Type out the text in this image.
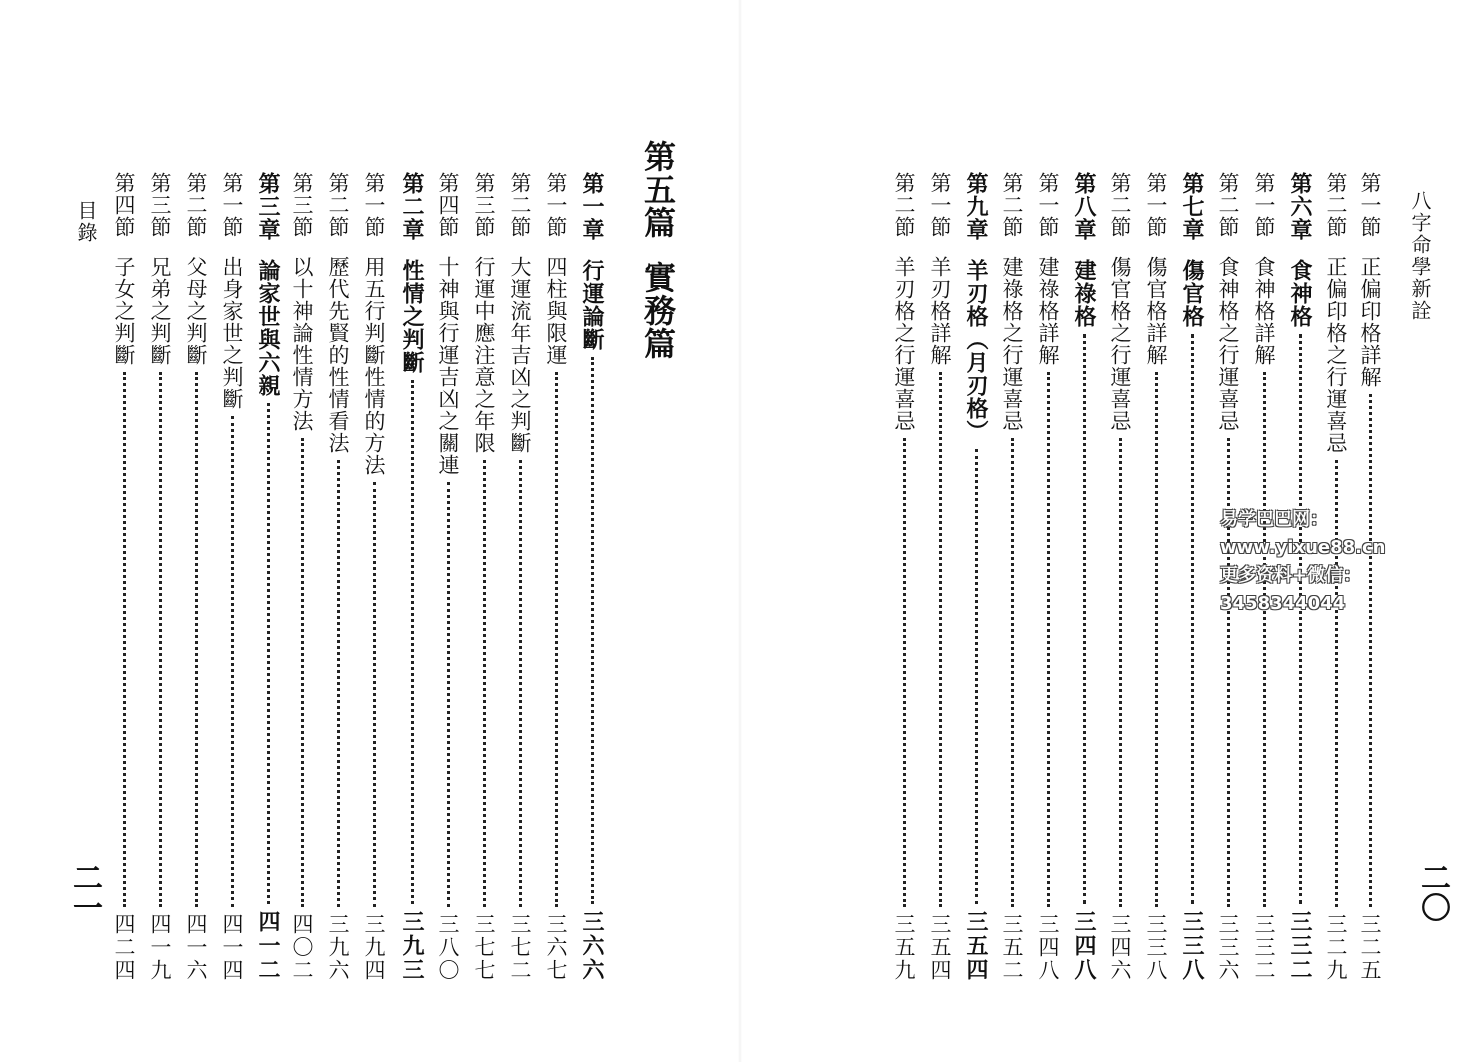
目錄
二一
第五篇
實務篇
第一章
行運論斷
三六六
第一節
四柱與限運
三六七
第二節
大運流年吉凶之判斷
三七二
第三節
行運中應注意之年限
三七七
第四節
十神與行運吉凶之關連
三八〇
第二章
性情之判斷
三九三
第一節
用五行判斷性情的方法
三九四
第二節
歷代先賢的性情看法
三九六
第三節
以十神論性情方法
四〇二
第三章
論家世與六親
四一二
第一節
出身家世之判斷
四一四
第二節
父母之判斷
四一六
第三節
兄弟之判斷
四一九
第四節
子女之判斷
四二四
八字命學新詮
二〇
第一節
正偏印格詳解
三二五
第二節
正偏印格之行運喜忌
三二九
第六章
食神格
三三二
第一節
食神格詳解
三三二
第二節
食神格之行運喜忌
三三六
第七章
傷官格
三三八
第一節
傷官格詳解
三三八
第二節
傷官格之行運喜忌
三四六
第八章
建祿格
三四八
第一節
建祿格詳解
三四八
第二節
建祿格之行運喜忌
三五二
第九章
羊刃格（月刃格）
三五四
第一節
羊刃格詳解
三五四
第二節
羊刃格之行運喜忌
三五九
易学巴巴网：www.yixue88.cn
更多资料+微信：3458344044
